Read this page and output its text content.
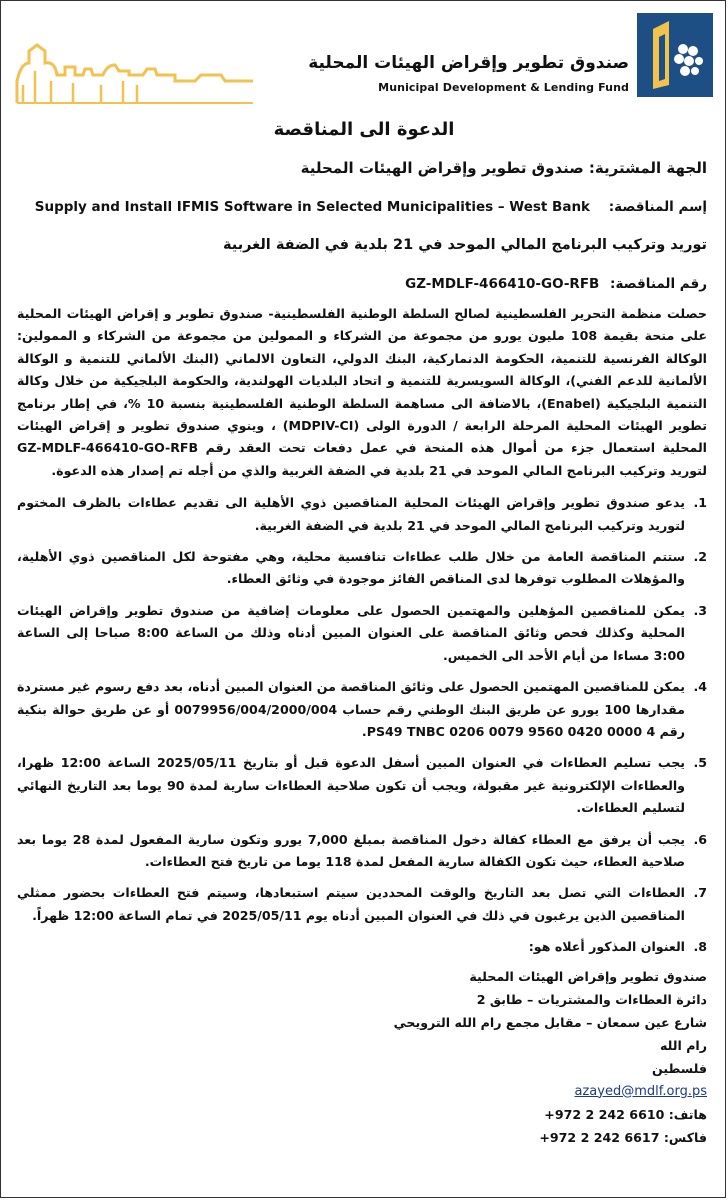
صندوق تطوير وإقراض الهيئات المحلية
Municipal Development & Lending Fund
الدعوة الى المناقصة
الجهة المشترية: صندوق تطوير وإقراض الهيئات المحلية
إسم المناقصة: Supply and Install IFMIS Software in Selected Municipalities – West Bank
توريد وتركيب البرنامج المالي الموحد في 21 بلدية في الضفة الغربية
رقم المناقصة: GZ-MDLF-466410-GO-RFB

حصلت منظمة التحرير الفلسطينية لصالح السلطة الوطنية الفلسطينية- صندوق تطوير و إقراض الهيئات المحلية على منحة بقيمة 108 مليون يورو من مجموعة من الشركاء و الممولين من مجموعة من الشركاء و الممولين: الوكالة الفرنسية للتنمية، الحكومة الدنماركية، البنك الدولي، التعاون الالماني (البنك الألماني للتنمية و الوكالة الألمانية للدعم الفني)، الوكالة السويسرية للتنمية و اتحاد البلديات الهولندية، والحكومة البلجيكية من خلال وكالة التنمية البلجيكية (Enabel)، بالاضافة الى مساهمة السلطة الوطنية الفلسطينية بنسبة 10 %، في إطار برنامج تطوير الهيئات المحلية المرحلة الرابعة / الدورة الولى (MDPIV-CI) ، وينوي صندوق تطوير و إقراض الهيئات المحلية استعمال جزء من أموال هذه المنحة في عمل دفعات تحت العقد رقم GZ-MDLF-466410-GO-RFB لتوريد وتركيب البرنامج المالي الموحد في 21 بلدية في الضفة الغربية والذي من أجله تم إصدار هذه الدعوة.

1.
يدعو صندوق تطوير وإقراض الهيئات المحلية المناقصين ذوي الأهلية الى تقديم عطاءات بالظرف المختوم لتوريد وتركيب البرنامج المالي الموحد في 21 بلدية في الضفة الغربية.
2.
ستتم المناقصة العامة من خلال طلب عطاءات تنافسية محلية، وهي مفتوحة لكل المناقصين ذوي الأهلية، والمؤهلات المطلوب توفرها لدى المناقص الفائز موجودة في وثائق العطاء.
3.
يمكن للمناقصين المؤهلين والمهتمين الحصول على معلومات إضافية من صندوق تطوير وإقراض الهيئات المحلية وكذلك فحص وثائق المناقصة على العنوان المبين أدناه وذلك من الساعة 8:00 صباحا إلى الساعة 3:00 مساءا من أيام الأحد الى الخميس.
4.
يمكن للمناقصين المهتمين الحصول على وثائق المناقصة من العنوان المبين أدناه، بعد دفع رسوم غير مستردة مقدارها 100 يورو عن طريق البنك الوطني رقم حساب 0079956/004/2000/004 أو عن طريق حوالة بنكية رقم PS49 TNBC 0206 0079 9560 0420 0000 4.
5.
يجب تسليم العطاءات في العنوان المبين أسفل الدعوة قبل أو بتاريخ 2025/05/11 الساعة 12:00 ظهرا، والعطاءات الإلكترونية غير مقبولة، ويجب أن تكون صلاحية العطاءات سارية لمدة 90 يوما بعد التاريخ النهائي لتسليم العطاءات.
6.
يجب أن يرفق مع العطاء كفالة دخول المناقصة بمبلغ 7,000 يورو وتكون سارية المفعول لمدة 28 يوما بعد صلاحية العطاء، حيث تكون الكفالة سارية المفعل لمدة 118 يوما من تاريخ فتح العطاءات.
7.
العطاءات التي تصل بعد التاريخ والوقت المحددين سيتم استبعادها، وسيتم فتح العطاءات بحضور ممثلي المناقصين الذين يرغبون في ذلك في العنوان المبين أدناه يوم 2025/05/11 في تمام الساعة 12:00 ظهراً.
8.
العنوان المذكور أعلاه هو:
صندوق تطوير وإقراض الهيئات المحلية
دائرة العطاءات والمشتريات – طابق 2
شارع عين سمعان – مقابل مجمع رام الله الترويحي
رام الله
فلسطين
azayed@mdlf.org.ps
هاتف: +972 2 242 6610
فاكس: +972 2 242 6617
